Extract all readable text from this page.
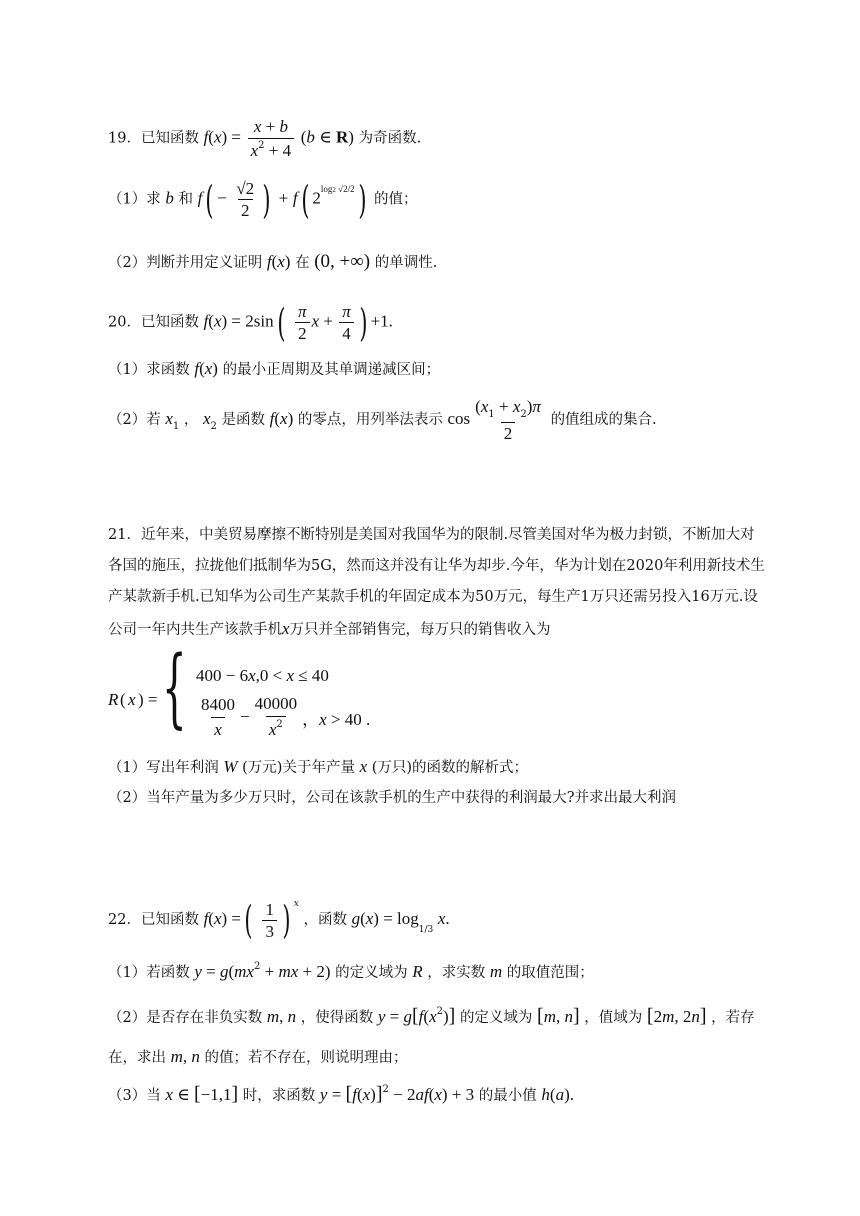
19．已知函数 $f(x) = \frac{x + b}{x^2 + 4} (b$ ∈ R) 为奇函数.
（1）求 b 和 $f( - \frac{√2}{2}$ ) + f( $2^{log2 √2/2}$) 的值；
（2）判断并用定义证明 f(x) 在 (0, +∞) 的单调性.
20．已知函数 $f(x) = 2\sin( \frac{\pi}{2}$ $x + \frac{\pi}{4}$ ) +1.
（1）求函数 f(x) 的最小正周期及其单调递减区间；
（2）若 $x_1$ ， $x_2$ 是函数 f(x) 的零点，用列举法表示 $\cos \frac{(x_1 + x_2)\pi}{2}$ 的值组成的集合.
21．近年来，中美贸易摩擦不断特别是美国对我国华为的限制.尽管美国对华为极力封锁，不断加大对各国的施压，拉拢他们抵制华为5G，然而这并没有让华为却步.今年，华为计划在2020年利用新技术生产某款新手机.已知华为公司生产某款手机的年固定成本为50万元，每生产1万只还需另投入16万元.设公司一年内共生产该款手机x万只并全部销售完，每万只的销售收入为
R ( x ) = { 400 − 6x,0 < x ≤ 40
$\frac{8400}{x} - \frac{40000}{x^2}$ ，x > 40 .
（1）写出年利润 W (万元)关于年产量 x (万只)的函数的解析式；
（2）当年产量为多少万只时，公司在该款手机的生产中获得的利润最大?并求出最大利润
22．已知函数 f(x) =( $\frac{1}{3}$ ) $^x$ ，函数 $g(x) = \log_{1/3} x$.
（1）若函数 $y = g(mx^2$ + mx + 2) 的定义域为 R ，求实数 m 的取值范围；
（2）是否存在非负实数 m, n ，使得函数 $y = g[f(x^2)]$ 的定义域为 [m, n] ，值域为 [2m, 2n] ，若存
在，求出 m, n 的值；若不存在，则说明理由；
（3）当 x ∈ [−1,1] 时，求函数 $y = [f(x)]^2 - 2af(x) + 3$ 的最小值 h(a).
